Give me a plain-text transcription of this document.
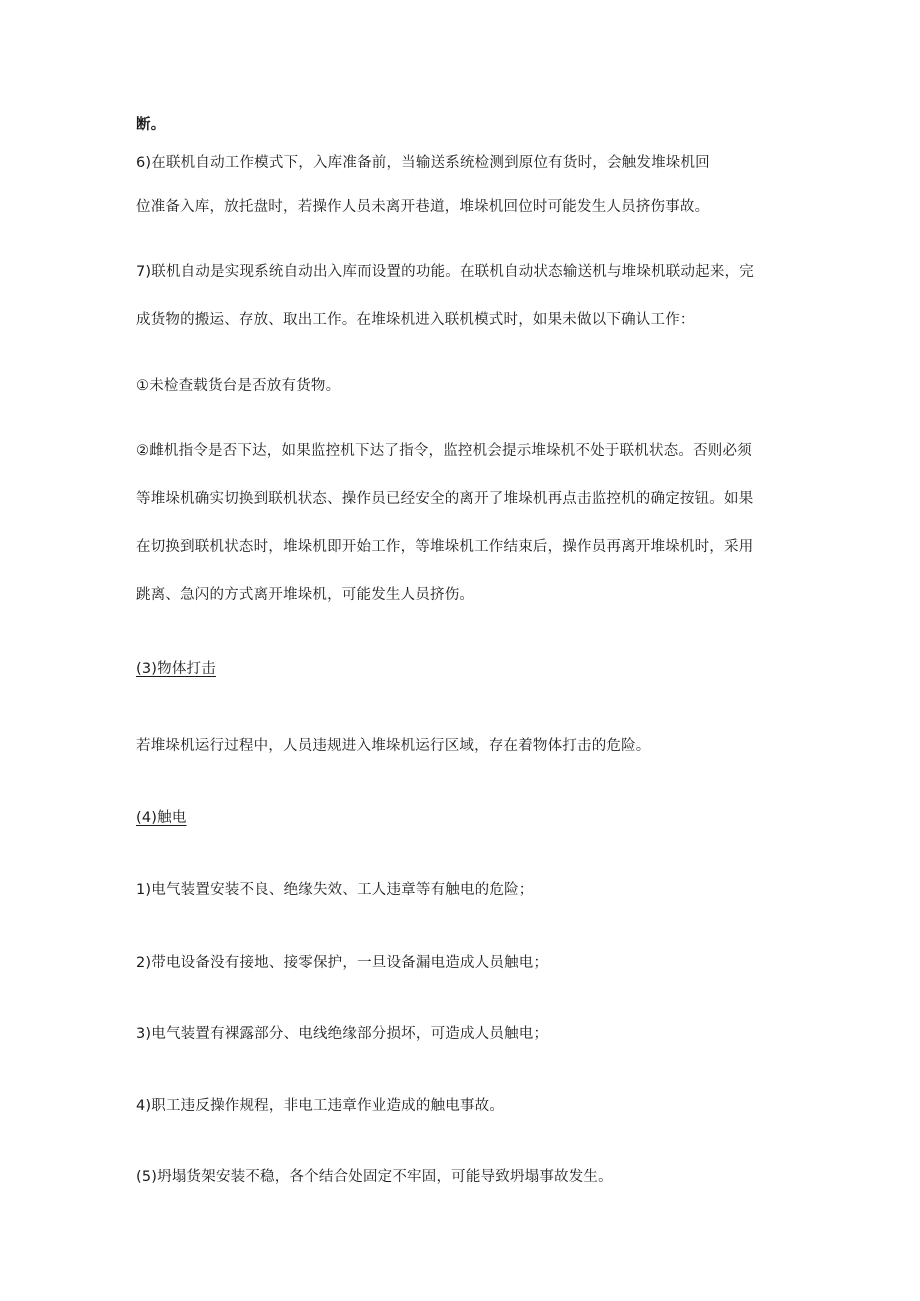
断。
6)在联机自动工作模式下，入库准备前，当输送系统检测到原位有货时，会触发堆垛机回
位准备入库，放托盘时，若操作人员未离开巷道，堆垛机回位时可能发生人员挤伤事故。
7)联机自动是实现系统自动出入库而设置的功能。在联机自动状态输送机与堆垛机联动起来，完
成货物的搬运、存放、取出工作。在堆垛机进入联机模式时，如果未做以下确认工作：
①未检查载货台是否放有货物。
②雌机指令是否下达，如果监控机下达了指令，监控机会提示堆垛机不处于联机状态。否则必须
等堆垛机确实切换到联机状态、操作员已经安全的离开了堆垛机再点击监控机的确定按钮。如果
在切换到联机状态时，堆垛机即开始工作，等堆垛机工作结束后，操作员再离开堆垛机时，采用
跳离、急闪的方式离开堆垛机，可能发生人员挤伤。
(3)物体打击
若堆垛机运行过程中，人员违规进入堆垛机运行区域，存在着物体打击的危险。
(4)触电
1)电气装置安装不良、绝缘失效、工人违章等有触电的危险；
2)带电设备没有接地、接零保护，一旦设备漏电造成人员触电；
3)电气装置有裸露部分、电线绝缘部分损坏，可造成人员触电；
4)职工违反操作规程，非电工违章作业造成的触电事故。
(5)坍塌货架安装不稳，各个结合处固定不牢固，可能导致坍塌事故发生。
